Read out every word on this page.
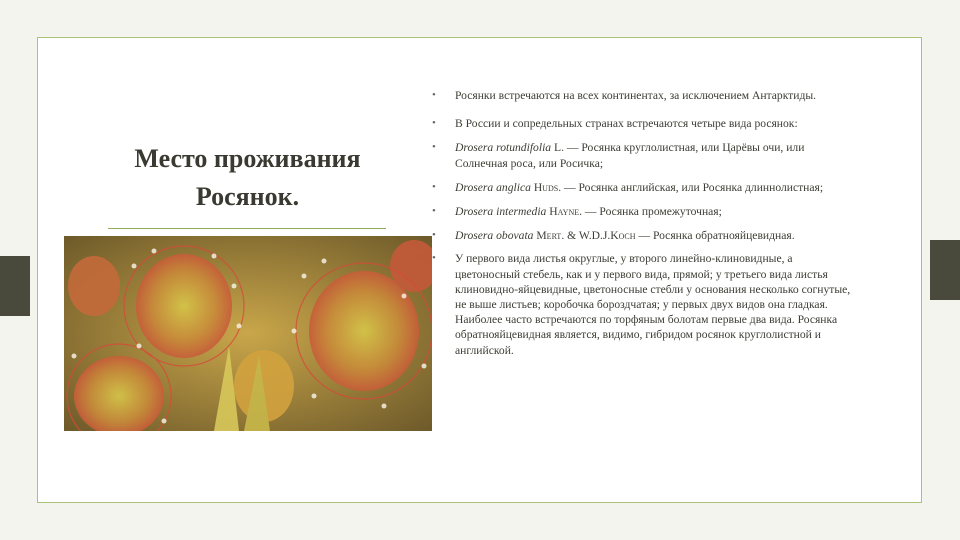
Место проживания Росянок.
• Росянки встречаются на всех континентах, за исключением Антарктиды.
• В России и сопредельных странах встречаются четыре вида росянок:
• Drosera rotundifolia L. — Росянка круглолистная, или Царёвы очи, или Солнечная роса, или Росичка;
• Drosera anglica Huds. — Росянка английская, или Росянка длиннолистная;
• Drosera intermedia Hayne. — Росянка промежуточная;
• Drosera obovata Mert. & W.D.J.Koch — Росянка обратнояйцевидная.
• У первого вида листья округлые, у второго линейно-клиновидные, а цветоносный стебель, как и у первого вида, прямой; у третьего вида листья клиновидно-яйцевидные, цветоносные стебли у основания несколько согнутые, не выше листьев; коробочка бороздчатая; у первых двух видов она гладкая. Наиболее часто встречаются по торфяным болотам первые два вида. Росянка обратнояйцевидная является, видимо, гибридом росянок круглолистной и английской.
